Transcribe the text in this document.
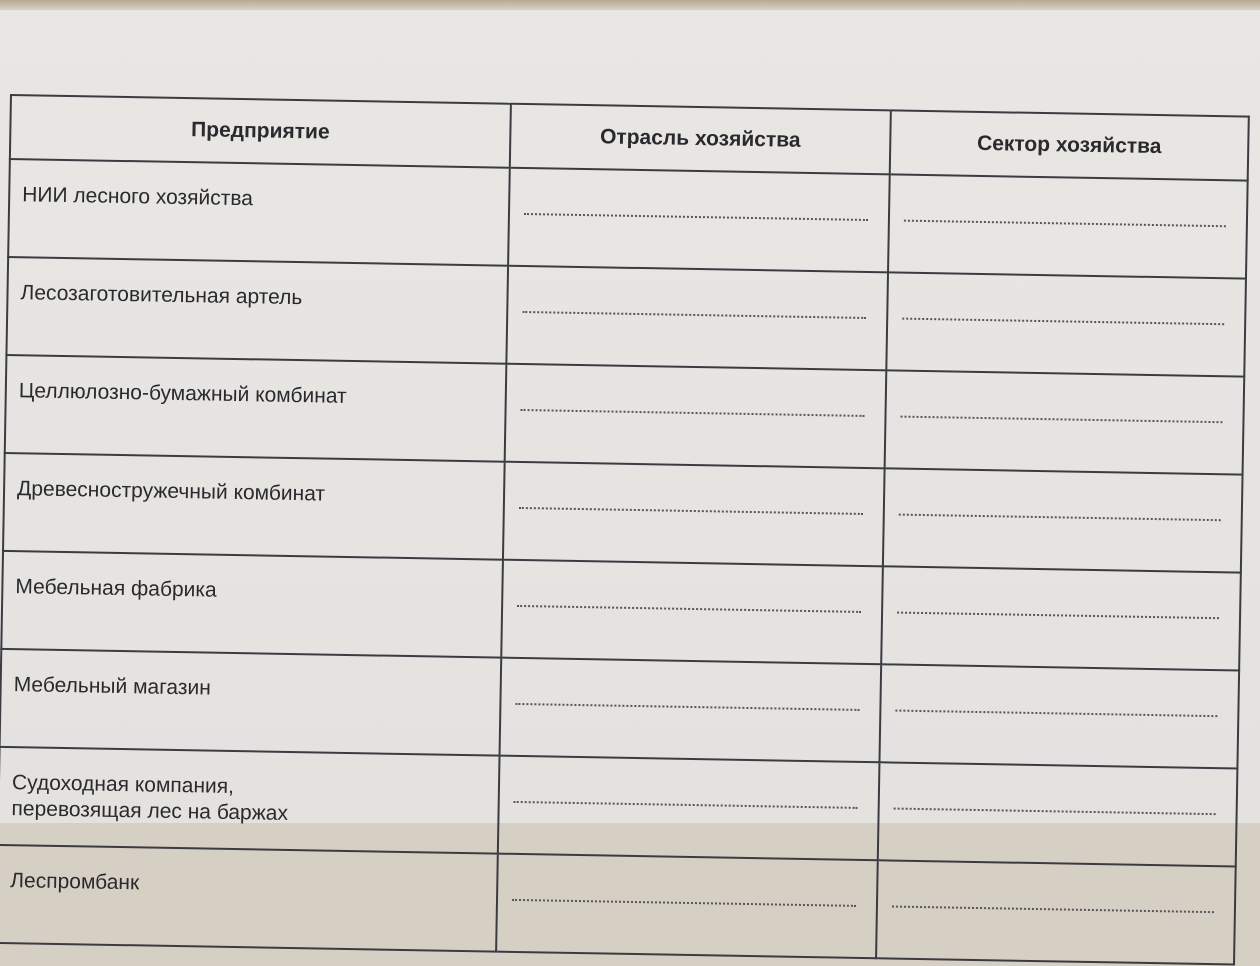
Предприятие	Отрасль хозяйства	Сектор хозяйства
НИИ лесного хозяйства	

Лесозаготовительная артель	

Целлюлозно-бумажный комбинат	

Древесностружечный комбинат	

Мебельная фабрика	

Мебельный магазин	

Судоходная компания,
перевозящая лес на баржах	

Леспромбанк	
